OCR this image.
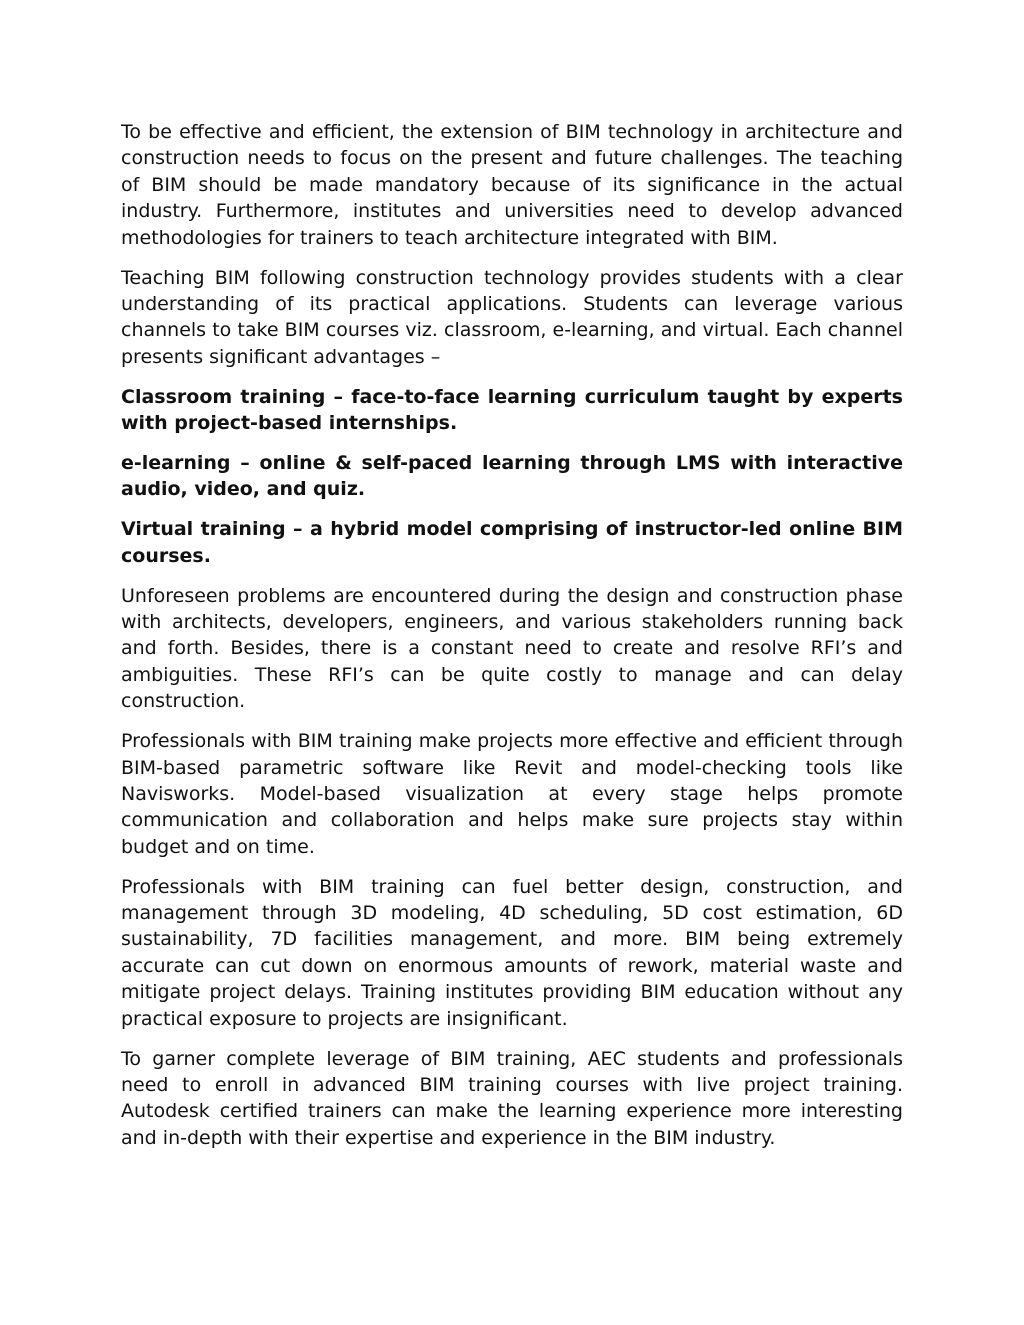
To be effective and efficient, the extension of BIM technology in architecture and construction needs to focus on the present and future challenges. The teaching of BIM should be made mandatory because of its significance in the actual industry. Furthermore, institutes and universities need to develop advanced methodologies for trainers to teach architecture integrated with BIM.

Teaching BIM following construction technology provides students with a clear understanding of its practical applications. Students can leverage various channels to take BIM courses viz. classroom, e-learning, and virtual. Each channel presents significant advantages –

Classroom training – face-to-face learning curriculum taught by experts with project-based internships.

e-learning – online & self-paced learning through LMS with interactive audio, video, and quiz.

Virtual training – a hybrid model comprising of instructor-led online BIM courses.

Unforeseen problems are encountered during the design and construction phase with architects, developers, engineers, and various stakeholders running back and forth. Besides, there is a constant need to create and resolve RFI’s and ambiguities. These RFI’s can be quite costly to manage and can delay construction.

Professionals with BIM training make projects more effective and efficient through BIM-based parametric software like Revit and model-checking tools like Navisworks. Model-based visualization at every stage helps promote communication and collaboration and helps make sure projects stay within budget and on time.

Professionals with BIM training can fuel better design, construction, and management through 3D modeling, 4D scheduling, 5D cost estimation, 6D sustainability, 7D facilities management, and more. BIM being extremely accurate can cut down on enormous amounts of rework, material waste and mitigate project delays. Training institutes providing BIM education without any practical exposure to projects are insignificant.

To garner complete leverage of BIM training, AEC students and professionals need to enroll in advanced BIM training courses with live project training. Autodesk certified trainers can make the learning experience more interesting and in-depth with their expertise and experience in the BIM industry.
